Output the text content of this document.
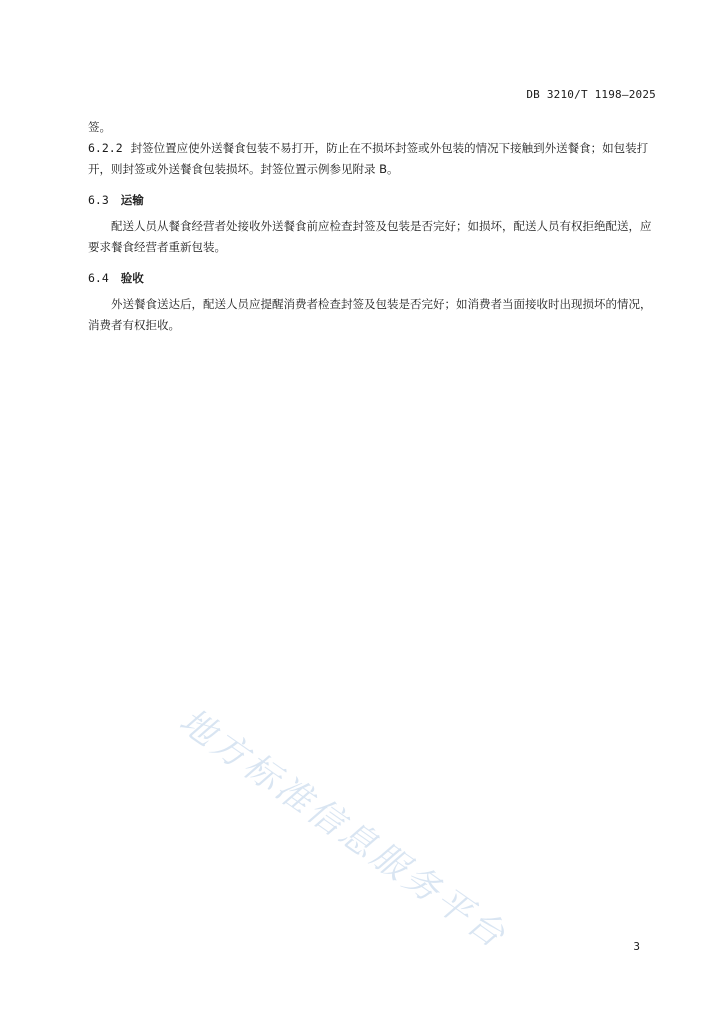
DB 3210/T 1198—2025

签。

6.2.2 封签位置应使外送餐食包装不易打开，防止在不损坏封签或外包装的情况下接触到外送餐食；如包装打开，则封签或外送餐食包装损坏。封签位置示例参见附录 B。

6.3 运输

配送人员从餐食经营者处接收外送餐食前应检查封签及包装是否完好；如损坏，配送人员有权拒绝配送，应要求餐食经营者重新包装。

6.4 验收

外送餐食送达后，配送人员应提醒消费者检查封签及包装是否完好；如消费者当面接收时出现损坏的情况，消费者有权拒收。

地方标准信息服务平台	3
